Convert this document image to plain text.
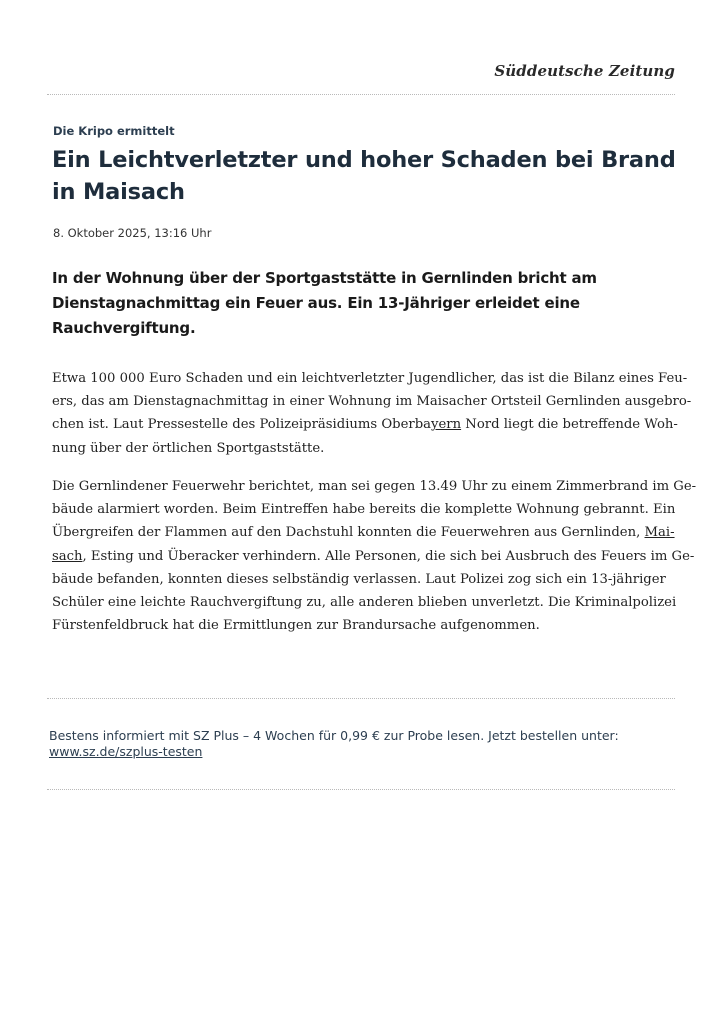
Süddeutsche Zeitung
Die Kripo ermittelt
Ein Leichtverletzter und hoher Schaden bei Brand in Maisach
8. Oktober 2025, 13:16 Uhr

In der Wohnung über der Sportgaststätte in Gernlinden bricht am Dienstagnachmittag ein Feuer aus. Ein 13-Jähriger erleidet eine Rauchvergiftung.

Etwa 100 000 Euro Schaden und ein leichtverletzter Jugendlicher, das ist die Bilanz eines Feu-
ers, das am Dienstagnachmittag in einer Wohnung im Maisacher Ortsteil Gernlinden ausgebro-
chen ist. Laut Pressestelle des Polizeipräsidiums Oberbayern Nord liegt die betreffende Woh-
nung über der örtlichen Sportgaststätte.
Die Gernlindener Feuerwehr berichtet, man sei gegen 13.49 Uhr zu einem Zimmerbrand im Ge-
bäude alarmiert worden. Beim Eintreffen habe bereits die komplette Wohnung gebrannt. Ein
Übergreifen der Flammen auf den Dachstuhl konnten die Feuerwehren aus Gernlinden, Mai-
sach, Esting und Überacker verhindern. Alle Personen, die sich bei Ausbruch des Feuers im Ge-
bäude befanden, konnten dieses selbständig verlassen. Laut Polizei zog sich ein 13-jähriger
Schüler eine leichte Rauchvergiftung zu, alle anderen blieben unverletzt. Die Kriminalpolizei
Fürstenfeldbruck hat die Ermittlungen zur Brandursache aufgenommen.
Bestens informiert mit SZ Plus – 4 Wochen für 0,99 € zur Probe lesen. Jetzt bestellen unter:
www.sz.de/szplus-testen
